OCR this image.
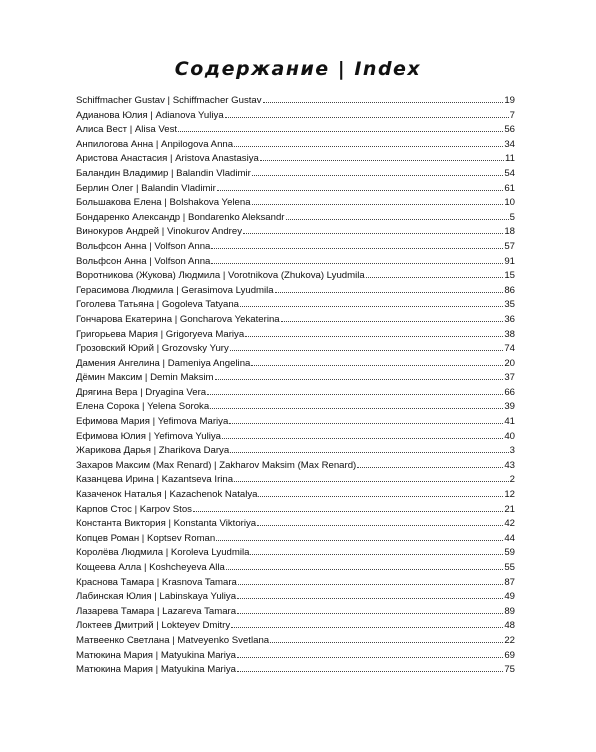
Содержание | Index
Schiffmacher Gustav | Schiffmacher Gustav	19
Адианова Юлия | Adianova Yuliya	7
Алиса Вест | Alisa Vest	56
Анпилогова Анна | Anpilogova Anna	34
Аристова Анастасия | Aristova Anastasiya	11
Баландин Владимир | Balandin Vladimir	54
Берлин Олег | Balandin Vladimir	61
Большакова Елена | Bolshakova Yelena	10
Бондаренко Александр | Bondarenko Aleksandr	5
Винокуров Андрей | Vinokurov Andrey	18
Вольфсон Анна | Volfson Anna	57
Вольфсон Анна | Volfson Anna	91
Воротникова (Жукова) Людмила | Vorotnikova (Zhukova) Lyudmila	15
Герасимова Людмила | Gerasimova Lyudmila	86
Гоголева Татьяна | Gogoleva Tatyana	35
Гончарова Екатерина | Goncharova Yekaterina	36
Григорьева Мария | Grigoryeva Mariya	38
Грозовский Юрий | Grozovsky Yury	74
Дамения Ангелина | Dameniya Angelina	20
Дёмин Максим | Demin Maksim	37
Дрягина Вера | Dryagina Vera	66
Елена Сорока | Yelena Soroka	39
Ефимова Мария | Yefimova Mariya	41
Ефимова Юлия | Yefimova Yuliya	40
Жарикова Дарья | Zharikova Darya	3
Захаров Максим (Max Renard) | Zakharov Maksim (Max Renard)	43
Казанцева Ирина | Kazantseva Irina	2
Казаченок Наталья | Kazachenok Natalya	12
Карпов Стос | Karpov Stos	21
Константа Виктория | Konstanta Viktoriya	42
Копцев Роман | Koptsev Roman	44
Королёва Людмила | Koroleva Lyudmila	59
Кощеева Алла | Koshcheyeva Alla	55
Краснова Тамара | Krasnova Tamara	87
Лабинская Юлия | Labinskaya Yuliya	49
Лазарева Тамара | Lazareva Tamara	89
Локтеев Дмитрий | Lokteyev Dmitry	48
Матвеенко Светлана | Matveyenko Svetlana	22
Матюкина Мария | Matyukina Mariya	69
Матюкина Мария | Matyukina Mariya	75
